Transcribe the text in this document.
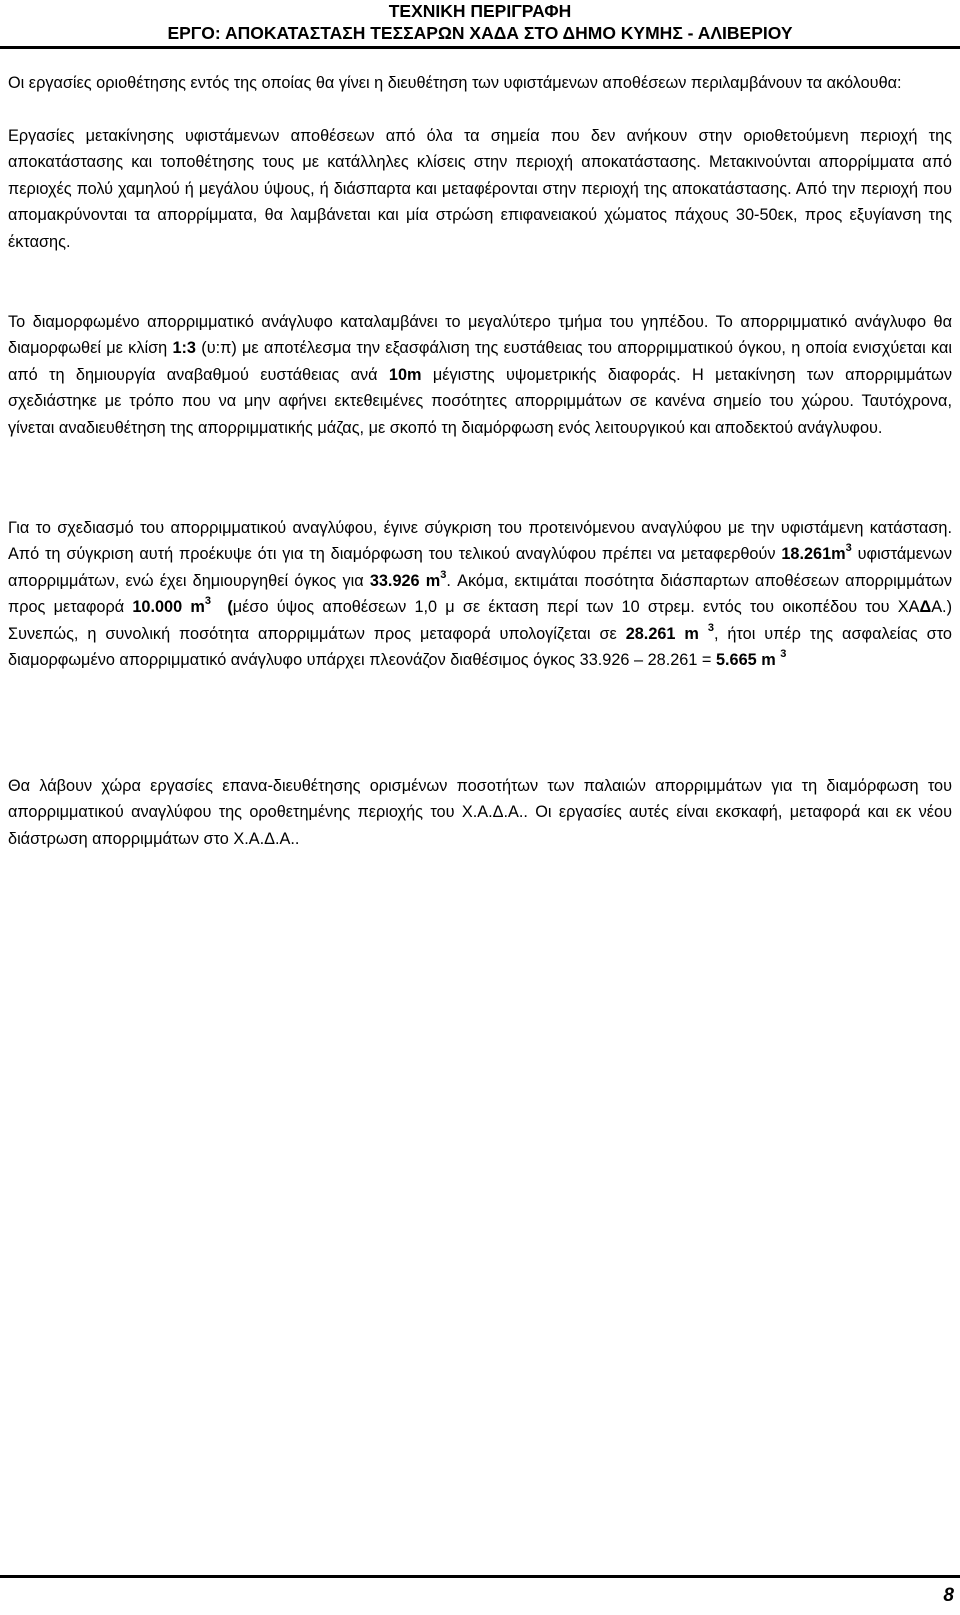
ΤΕΧΝΙΚΗ ΠΕΡΙΓΡΑΦΗ
ΕΡΓΟ: ΑΠΟΚΑΤΑΣΤΑΣΗ ΤΕΣΣΑΡΩΝ ΧΑΔΑ ΣΤΟ ΔΗΜΟ ΚΥΜΗΣ - ΑΛΙΒΕΡΙΟΥ

Οι εργασίες οριοθέτησης εντός της οποίας θα γίνει η διευθέτηση των υφιστάμενων αποθέσεων περιλαμβάνουν τα ακόλουθα:

Εργασίες μετακίνησης υφιστάμενων αποθέσεων από όλα τα σημεία που δεν ανήκουν στην οριοθετούμενη περιοχή της αποκατάστασης και τοποθέτησης τους με κατάλληλες κλίσεις στην περιοχή αποκατάστασης. Μετακινούνται απορρίμματα από περιοχές πολύ χαμηλού ή μεγάλου ύψους, ή διάσπαρτα και μεταφέρονται στην περιοχή της αποκατάστασης. Από την περιοχή που απομακρύνονται τα απορρίμματα, θα λαμβάνεται και μία στρώση επιφανειακού χώματος πάχους 30-50εκ, προς εξυγίανση της έκτασης.

Το διαμορφωμένο απορριμματικό ανάγλυφο καταλαμβάνει το μεγαλύτερο τμήμα του γηπέδου. Το απορριμματικό ανάγλυφο θα διαμορφωθεί με κλίση 1:3 (υ:π) με αποτέλεσμα την εξασφάλιση της ευστάθειας του απορριμματικού όγκου, η οποία ενισχύεται και από τη δημιουργία αναβαθμού ευστάθειας ανά 10m μέγιστης υψομετρικής διαφοράς. Η μετακίνηση των απορριμμάτων σχεδιάστηκε με τρόπο που να μην αφήνει εκτεθειμένες ποσότητες απορριμμάτων σε κανένα σημείο του χώρου. Ταυτόχρονα, γίνεται αναδιευθέτηση της απορριμματικής μάζας, με σκοπό τη διαμόρφωση ενός λειτουργικού και αποδεκτού ανάγλυφου.

Για το σχεδιασμό του απορριμματικού αναγλύφου, έγινε σύγκριση του προτεινόμενου αναγλύφου με την υφιστάμενη κατάσταση. Από τη σύγκριση αυτή προέκυψε ότι για τη διαμόρφωση του τελικού αναγλύφου πρέπει να μεταφερθούν $18.261m^3$ υφιστάμενων απορριμμάτων, ενώ έχει δημιουργηθεί όγκος για 33.926 $m^3$. Ακόμα, εκτιμάται ποσότητα διάσπαρτων αποθέσεων απορριμμάτων προς μεταφορά 10.000 $m^3$ (μέσο ύψος αποθέσεων 1,0 μ σε έκταση περί των 10 στρεμ. εντός του οικοπέδου του ΧΑΔΑ.) Συνεπώς, η συνολική ποσότητα απορριμμάτων προς μεταφορά υπολογίζεται σε 28.261 m $^3$, ήτοι υπέρ της ασφαλείας στο διαμορφωμένο απορριμματικό ανάγλυφο υπάρχει πλεονάζον διαθέσιμος όγκος 33.926 – 28.261 = 5.665 m $^3$

Θα λάβουν χώρα εργασίες επανα-διευθέτησης ορισμένων ποσοτήτων των παλαιών απορριμμάτων για τη διαμόρφωση του απορριμματικού αναγλύφου της οροθετημένης περιοχής του Χ.Α.Δ.Α.. Οι εργασίες αυτές είναι εκσκαφή, μεταφορά και εκ νέου διάστρωση απορριμμάτων στο Χ.Α.Δ.Α..

8
